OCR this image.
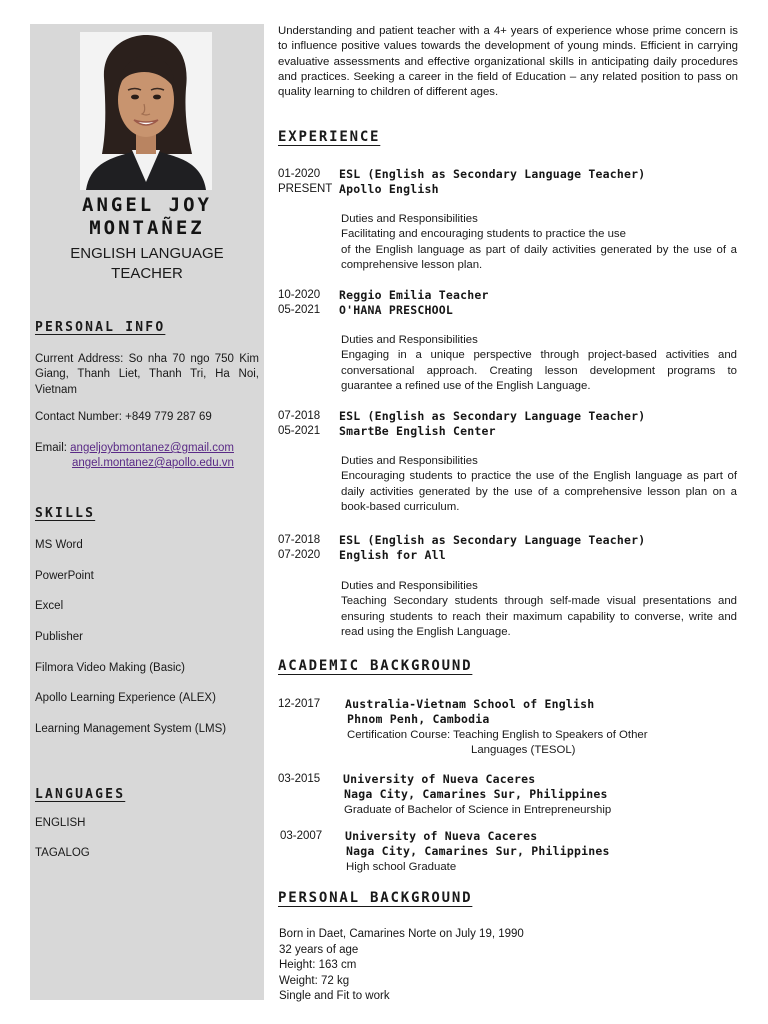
ANGEL JOY
MONTAÑEZ
ENGLISH LANGUAGE
TEACHER
PERSONAL INFO
Current Address: So nha 70 ngo 750 Kim Giang, Thanh Liet, Thanh Tri, Ha Noi, Vietnam
Contact Number: +849 779 287 69
Email: angeljoybmontanez@gmail.com
angel.montanez@apollo.edu.vn
SKILLS
MS Word
PowerPoint
Excel
Publisher
Filmora Video Making (Basic)
Apollo Learning Experience (ALEX)
Learning Management System (LMS)
LANGUAGES
ENGLISH
TAGALOG
Understanding and patient teacher with a 4+ years of experience whose prime concern is to influence positive values towards the development of young minds. Efficient in carrying evaluative assessments and effective organizational skills in anticipating daily procedures and practices. Seeking a career in the field of Education – any related position to pass on quality learning to children of different ages.
EXPERIENCE
01-2020
PRESENT
ESL (English as Secondary Language Teacher)
Apollo English
Duties and Responsibilities
Facilitating and encouraging students to practice the use
of the English language as part of daily activities generated by the use of a comprehensive lesson plan.
10-2020
05-2021
Reggio Emilia Teacher
O'HANA PRESCHOOL
Duties and Responsibilities
Engaging in a unique perspective through project-based activities and conversational approach. Creating lesson development programs to guarantee a refined use of the English Language.
07-2018
05-2021
ESL (English as Secondary Language Teacher)
SmartBe English Center
Duties and Responsibilities
Encouraging students to practice the use of the English language as part of daily activities generated by the use of a comprehensive lesson plan on a book-based curriculum.
07-2018
07-2020
ESL (English as Secondary Language Teacher)
English for All
Duties and Responsibilities
Teaching Secondary students through self-made visual presentations and ensuring students to reach their maximum capability to converse, write and read using the English Language.
ACADEMIC BACKGROUND
12-2017 Australia-Vietnam School of English
Phnom Penh, Cambodia
Certification Course: Teaching English to Speakers of Other
Languages (TESOL)
03-2015 University of Nueva Caceres
Naga City, Camarines Sur, Philippines
Graduate of Bachelor of Science in Entrepreneurship
03-2007 University of Nueva Caceres
Naga City, Camarines Sur, Philippines
High school Graduate
PERSONAL BACKGROUND
Born in Daet, Camarines Norte on July 19, 1990
32 years of age
Height: 163 cm
Weight: 72 kg
Single and Fit to work
